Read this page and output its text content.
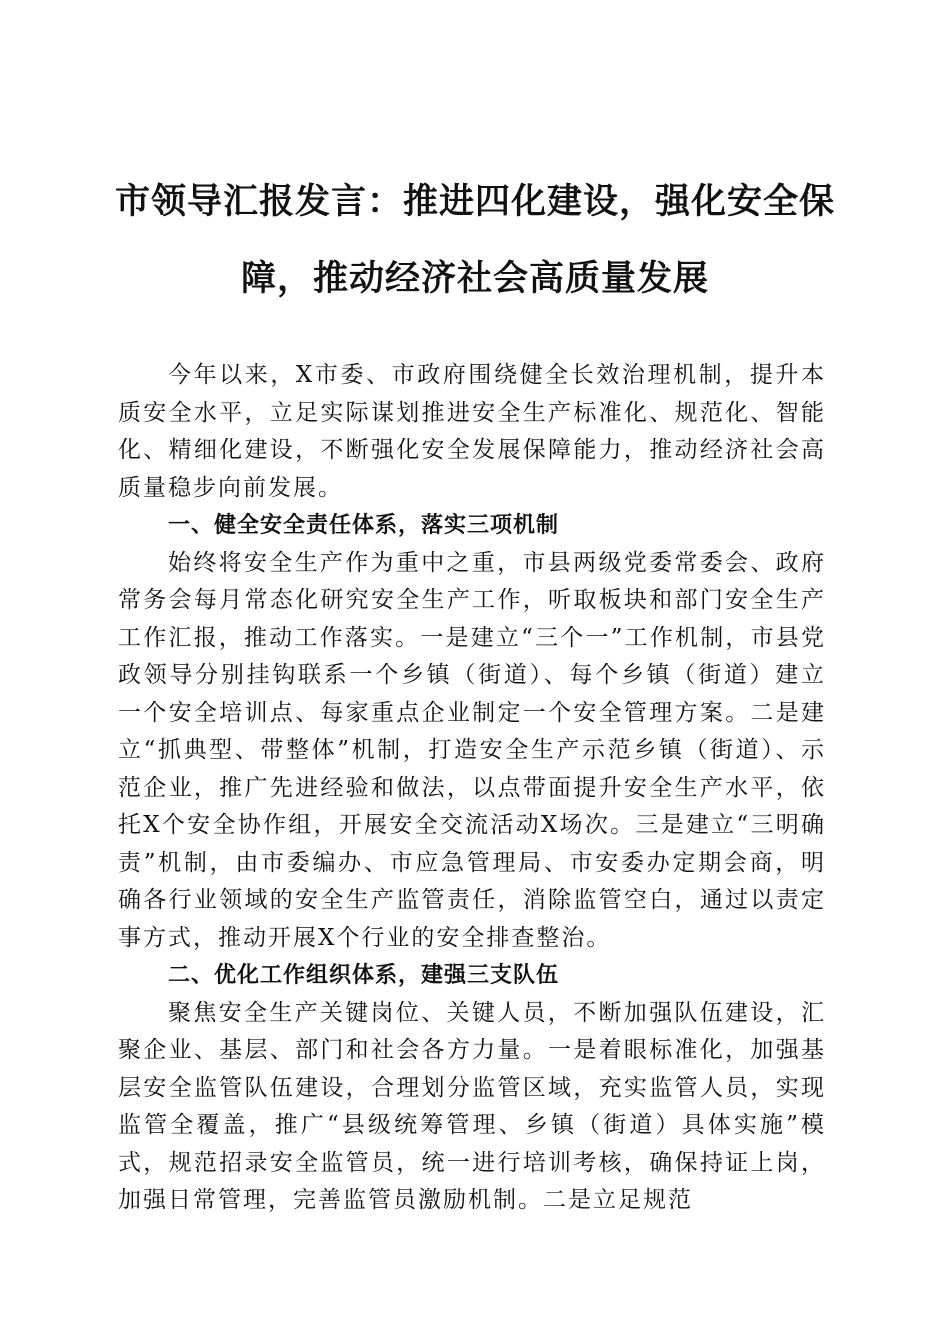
市领导汇报发言：推进四化建设，强化安全保
障，推动经济社会高质量发展

今年以来，X市委、市政府围绕健全长效治理机制，提升本质安全水平，立足实际谋划推进安全生产标准化、规范化、智能化、精细化建设，不断强化安全发展保障能力，推动经济社会高质量稳步向前发展。

一、健全安全责任体系，落实三项机制

始终将安全生产作为重中之重，市县两级党委常委会、政府常务会每月常态化研究安全生产工作，听取板块和部门安全生产工作汇报，推动工作落实。一是建立“三个一”工作机制，市县党政领导分别挂钩联系一个乡镇（街道）、每个乡镇（街道）建立一个安全培训点、每家重点企业制定一个安全管理方案。二是建立“抓典型、带整体”机制，打造安全生产示范乡镇（街道）、示范企业，推广先进经验和做法，以点带面提升安全生产水平，依托X个安全协作组，开展安全交流活动X场次。三是建立“三明确责”机制，由市委编办、市应急管理局、市安委办定期会商，明确各行业领域的安全生产监管责任，消除监管空白，通过以责定事方式，推动开展X个行业的安全排查整治。

二、优化工作组织体系，建强三支队伍

聚焦安全生产关键岗位、关键人员，不断加强队伍建设，汇聚企业、基层、部门和社会各方力量。一是着眼标准化，加强基层安全监管队伍建设，合理划分监管区域，充实监管人员，实现监管全覆盖，推广“县级统筹管理、乡镇（街道）具体实施”模式，规范招录安全监管员，统一进行培训考核，确保持证上岗，加强日常管理，完善监管员激励机制。二是立足规范
